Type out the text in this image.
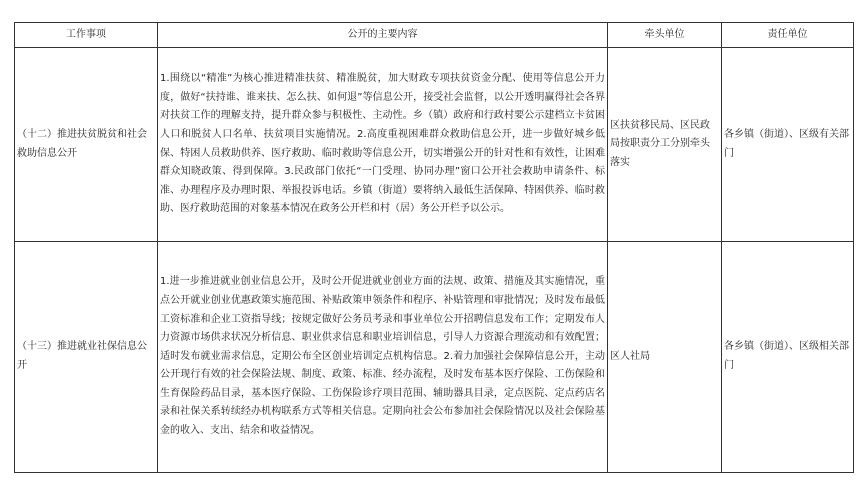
工作事项	公开的主要内容	牵头单位	责任单位
（十二）推进扶贫脱贫和社会救助信息公开	1.围绕以“精准”为核心推进精准扶贫、精准脱贫，加大财政专项扶贫资金分配、使用等信息公开力度，做好“扶持谁、谁来扶、怎么扶、如何退”等信息公开，接受社会监督，以公开透明赢得社会各界对扶贫工作的理解支持，提升群众参与积极性、主动性。乡（镇）政府和行政村要公示建档立卡贫困人口和脱贫人口名单、扶贫项目实施情况。2.高度重视困难群众救助信息公开，进一步做好城乡低保、特困人员救助供养、医疗救助、临时救助等信息公开，切实增强公开的针对性和有效性，让困难群众知晓政策、得到保障。3.民政部门依托“一门受理、协同办理”窗口公开社会救助申请条件、标准、办理程序及办理时限、举报投诉电话。乡镇（街道）要将纳入最低生活保障、特困供养、临时救助、医疗救助范围的对象基本情况在政务公开栏和村（居）务公开栏予以公示。	区扶贫移民局、区民政局按职责分工分别牵头落实	各乡镇（街道）、区级有关部门
（十三）推进就业社保信息公开	1.进一步推进就业创业信息公开，及时公开促进就业创业方面的法规、政策、措施及其实施情况，重点公开就业创业优惠政策实施范围、补贴政策申领条件和程序、补贴管理和审批情况；及时发布最低工资标准和企业工资指导线；按规定做好公务员考录和事业单位公开招聘信息发布工作；定期发布人力资源市场供求状况分析信息、职业供求信息和职业培训信息，引导人力资源合理流动和有效配置；适时发布就业需求信息，定期公布全区创业培训定点机构信息。2.着力加强社会保障信息公开，主动公开现行有效的社会保险法规、制度、政策、标准、经办流程，及时发布基本医疗保险、工伤保险和生育保险药品目录，基本医疗保险、工伤保险诊疗项目范围、辅助器具目录，定点医院、定点药店名录和社保关系转续经办机构联系方式等相关信息。定期向社会公布参加社会保险情况以及社会保险基金的收入、支出、结余和收益情况。	区人社局	各乡镇（街道）、区级相关部门
